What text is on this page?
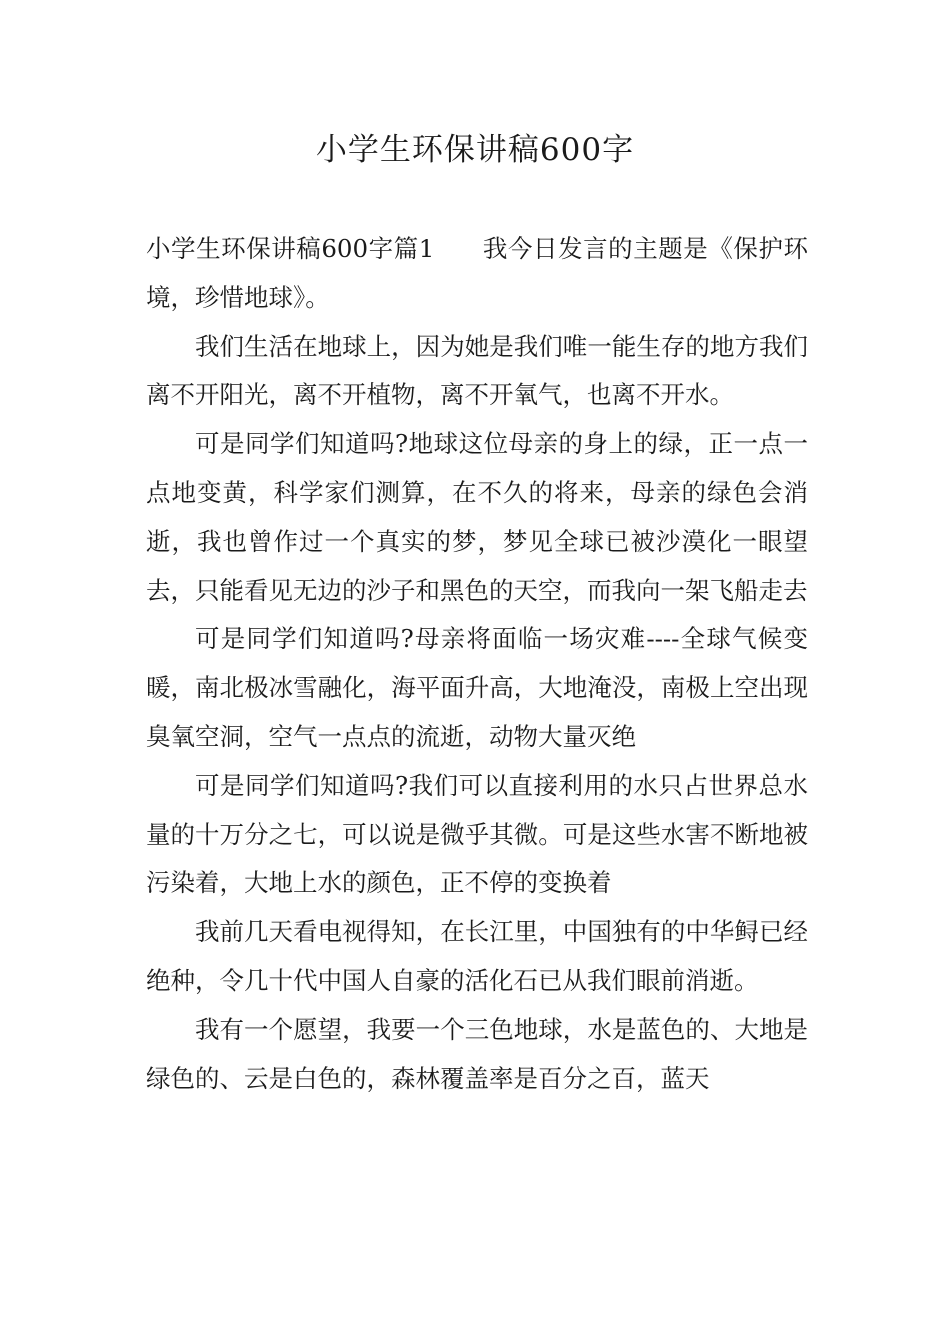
小学生环保讲稿600字

小学生环保讲稿600字篇1 我今日发言的主题是《保护环境，珍惜地球》。

我们生活在地球上，因为她是我们唯一能生存的地方我们离不开阳光，离不开植物，离不开氧气，也离不开水。

可是同学们知道吗?地球这位母亲的身上的绿，正一点一点地变黄，科学家们测算，在不久的将来，母亲的绿色会消逝，我也曾作过一个真实的梦，梦见全球已被沙漠化一眼望去，只能看见无边的沙子和黑色的天空，而我向一架飞船走去

可是同学们知道吗?母亲将面临一场灾难----全球气候变暖，南北极冰雪融化，海平面升高，大地淹没，南极上空出现臭氧空洞，空气一点点的流逝，动物大量灭绝

可是同学们知道吗?我们可以直接利用的水只占世界总水量的十万分之七，可以说是微乎其微。可是这些水害不断地被污染着，大地上水的颜色，正不停的变换着

我前几天看电视得知，在长江里，中国独有的中华鲟已经绝种，令几十代中国人自豪的活化石已从我们眼前消逝。

我有一个愿望，我要一个三色地球，水是蓝色的、大地是绿色的、云是白色的，森林覆盖率是百分之百，蓝天
